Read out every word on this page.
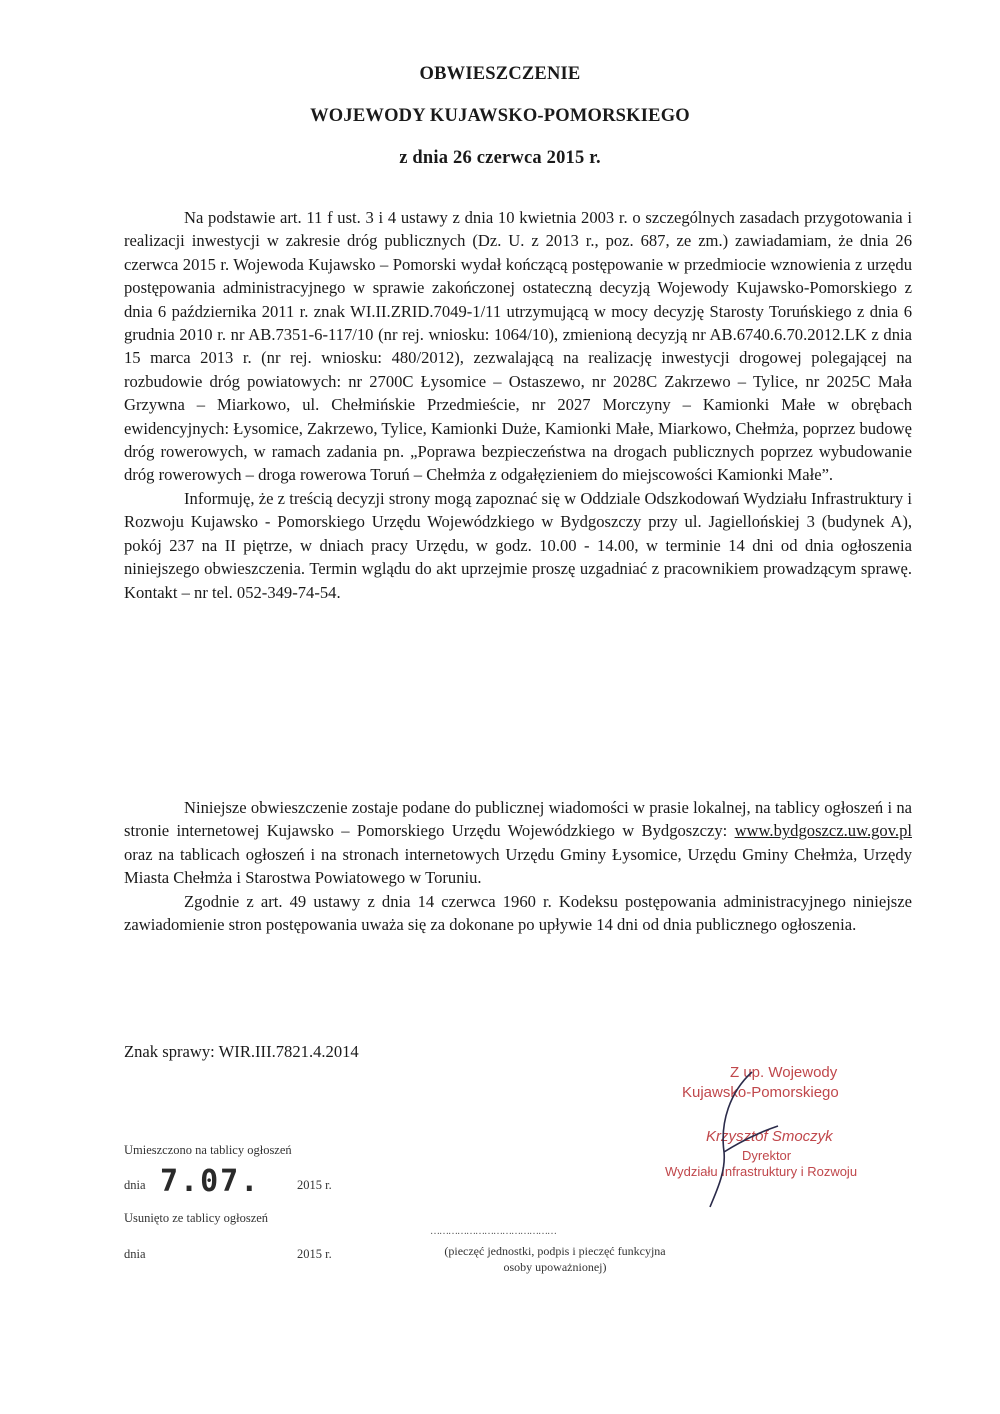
OBWIESZCZENIE
WOJEWODY KUJAWSKO-POMORSKIEGO
z dnia 26 czerwca 2015 r.

Na podstawie art. 11 f ust. 3 i 4 ustawy z dnia 10 kwietnia 2003 r. o szczególnych zasadach przygotowania i realizacji inwestycji w zakresie dróg publicznych (Dz. U. z 2013 r., poz. 687, ze zm.) zawiadamiam, że dnia 26 czerwca 2015 r. Wojewoda Kujawsko – Pomorski wydał kończącą postępowanie w przedmiocie wznowienia z urzędu postępowania administracyjnego w sprawie zakończonej ostateczną decyzją Wojewody Kujawsko-Pomorskiego z dnia 6 października 2011 r. znak WI.II.ZRID.7049-1/11 utrzymującą w mocy decyzję Starosty Toruńskiego z dnia 6 grudnia 2010 r. nr AB.7351-6-117/10 (nr rej. wniosku: 1064/10), zmienioną decyzją nr AB.6740.6.70.2012.LK z dnia 15 marca 2013 r. (nr rej. wniosku: 480/2012), zezwalającą na realizację inwestycji drogowej polegającej na rozbudowie dróg powiatowych: nr 2700C Łysomice – Ostaszewo, nr 2028C Zakrzewo – Tylice, nr 2025C Mała Grzywna – Miarkowo, ul. Chełmińskie Przedmieście, nr 2027 Morczyny – Kamionki Małe w obrębach ewidencyjnych: Łysomice, Zakrzewo, Tylice, Kamionki Duże, Kamionki Małe, Miarkowo, Chełmża, poprzez budowę dróg rowerowych, w ramach zadania pn. „Poprawa bezpieczeństwa na drogach publicznych poprzez wybudowanie dróg rowerowych – droga rowerowa Toruń – Chełmża z odgałęzieniem do miejscowości Kamionki Małe”.

Informuję, że z treścią decyzji strony mogą zapoznać się w Oddziale Odszkodowań Wydziału Infrastruktury i Rozwoju Kujawsko - Pomorskiego Urzędu Wojewódzkiego w Bydgoszczy przy ul. Jagiellońskiej 3 (budynek A), pokój 237 na II piętrze, w dniach pracy Urzędu, w godz. 10.00 - 14.00, w terminie 14 dni od dnia ogłoszenia niniejszego obwieszczenia. Termin wglądu do akt uprzejmie proszę uzgadniać z pracownikiem prowadzącym sprawę. Kontakt – nr tel. 052-349-74-54.

Niniejsze obwieszczenie zostaje podane do publicznej wiadomości w prasie lokalnej, na tablicy ogłoszeń i na stronie internetowej Kujawsko – Pomorskiego Urzędu Wojewódzkiego w Bydgoszczy: www.bydgoszcz.uw.gov.pl oraz na tablicach ogłoszeń i na stronach internetowych Urzędu Gminy Łysomice, Urzędu Gminy Chełmża, Urzędy Miasta Chełmża i Starostwa Powiatowego w Toruniu.

Zgodnie z art. 49 ustawy z dnia 14 czerwca 1960 r. Kodeksu postępowania administracyjnego niniejsze zawiadomienie stron postępowania uważa się za dokonane po upływie 14 dni od dnia publicznego ogłoszenia.

Znak sprawy: WIR.III.7821.4.2014
Z up. Wojewody
Kujawsko-Pomorskiego
Krzysztof Smoczyk
Dyrektor
Wydziału Infrastruktury i Rozwoju
Umieszczono na tablicy ogłoszeń
dnia 7.07.	2015 r.
Usunięto ze tablicy ogłoszeń
dnia	2015 r.
……………………………………
(pieczęć jednostki, podpis i pieczęć funkcyjna
osoby upoważnionej)
